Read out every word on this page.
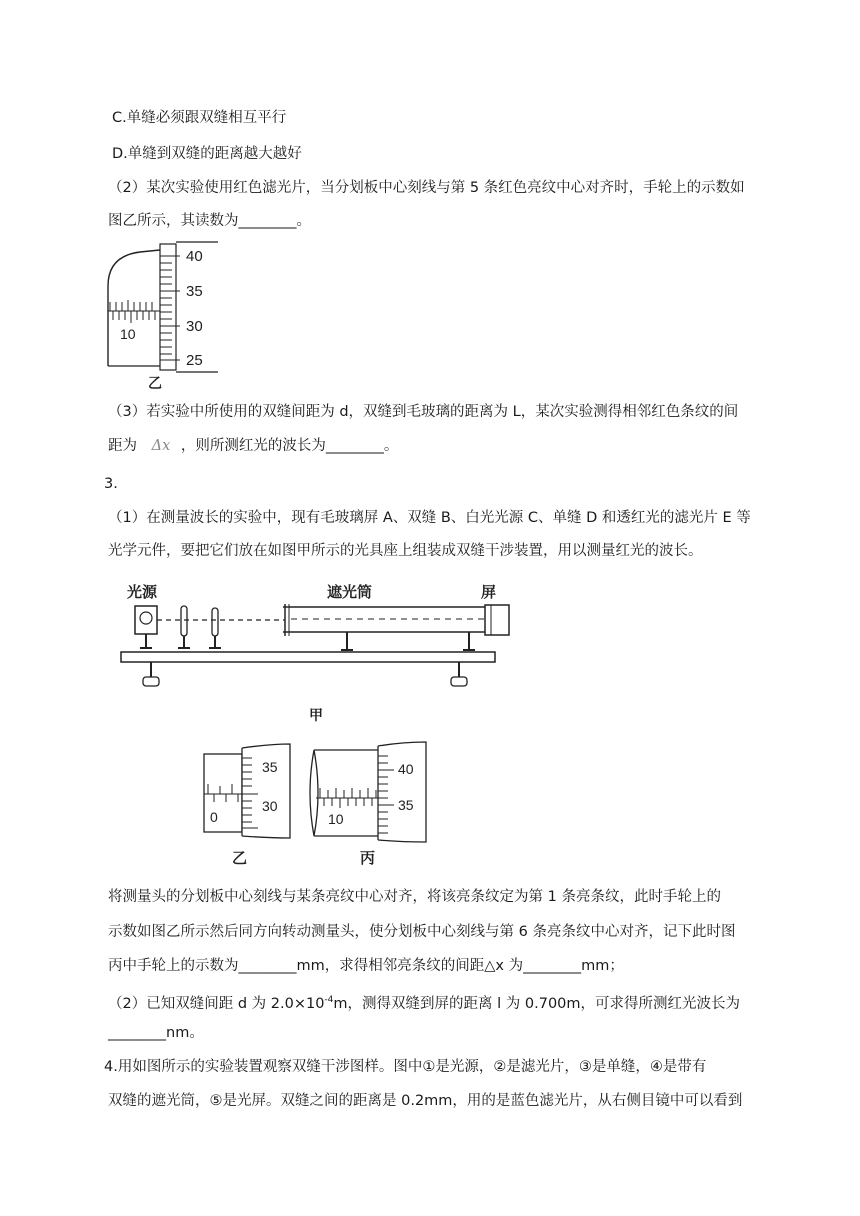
C.单缝必须跟双缝相互平行
D.单缝到双缝的距离越大越好
（2）某次实验使用红色滤光片，当分划板中心刻线与第 5 条红色亮纹中心对齐时，手轮上的示数如
图乙所示，其读数为________。
10
40
35
30
25
乙
（3）若实验中所使用的双缝间距为 d，双缝到毛玻璃的距离为 L，某次实验测得相邻红色条纹的间
距为 Δx ，则所测红光的波长为________。
3.
（1）在测量波长的实验中，现有毛玻璃屏 A、双缝 B、白光光源 C、单缝 D 和透红光的滤光片 E 等
光学元件，要把它们放在如图甲所示的光具座上组装成双缝干涉装置，用以测量红光的波长。
光源	遮光筒	屏
甲
0
35
30
乙
10
40
35
丙
将测量头的分划板中心刻线与某条亮纹中心对齐，将该亮条纹定为第 1 条亮条纹，此时手轮上的
示数如图乙所示然后同方向转动测量头，使分划板中心刻线与第 6 条亮条纹中心对齐，记下此时图
丙中手轮上的示数为________mm，求得相邻亮条纹的间距△x 为________mm；
（2）已知双缝间距 d 为 $2.0\times 10^{-4}m$，测得双缝到屏的距离 l 为 0.700m，可求得所测红光波长为
________nm。
4.用如图所示的实验装置观察双缝干涉图样。图中①是光源，②是滤光片，③是单缝，④是带有
双缝的遮光筒，⑤是光屏。双缝之间的距离是 0.2mm，用的是蓝色滤光片，从右侧目镜中可以看到
